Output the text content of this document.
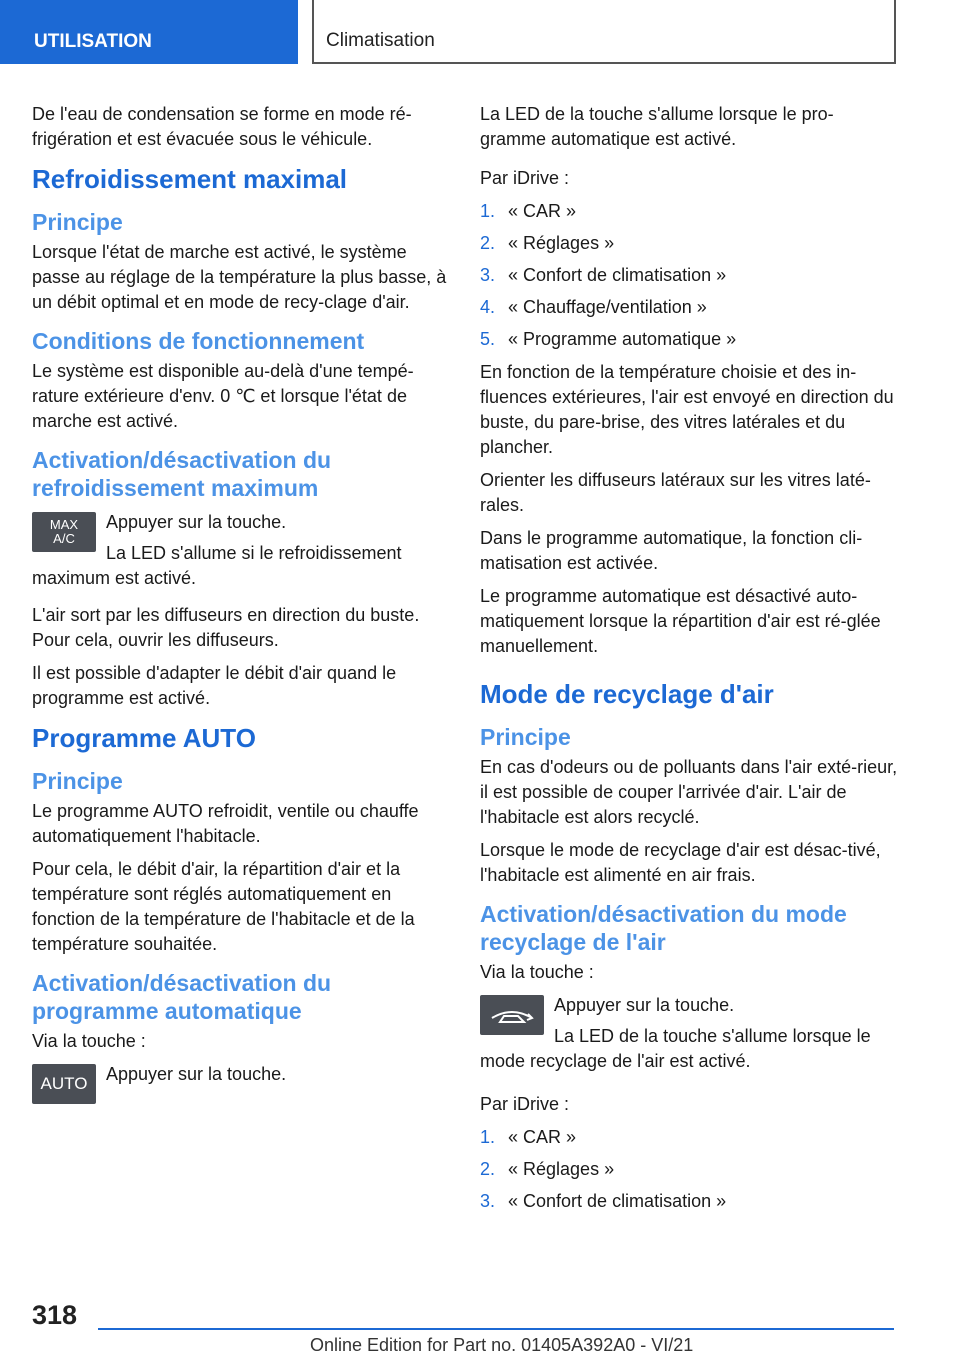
UTILISATION	Climatisation

De l'eau de condensation se forme en mode ré-frigération et est évacuée sous le véhicule.

Refroidissement maximal
Principe

Lorsque l'état de marche est activé, le système passe au réglage de la température la plus basse, à un débit optimal et en mode de recy-clage d'air.

Conditions de fonctionnement

Le système est disponible au-delà d'une tempé-rature extérieure d'env. 0 ℃ et lorsque l'état de marche est activé.

Activation/désactivation du refroidissement maximum
MAX
A/C

Appuyer sur la touche.

La LED s'allume si le refroidissement maximum est activé.

L'air sort par les diffuseurs en direction du buste. Pour cela, ouvrir les diffuseurs.

Il est possible d'adapter le débit d'air quand le programme est activé.

Programme AUTO
Principe

Le programme AUTO refroidit, ventile ou chauffe automatiquement l'habitacle.

Pour cela, le débit d'air, la répartition d'air et la température sont réglés automatiquement en fonction de la température de l'habitacle et de la température souhaitée.

Activation/désactivation du programme automatique

Via la touche :

AUTO	Appuyer sur la touche.

La LED de la touche s'allume lorsque le pro-gramme automatique est activé.

Par iDrive :

1. « CAR »
2. « Réglages »
3. « Confort de climatisation »
4. « Chauffage/ventilation »
5. « Programme automatique »

En fonction de la température choisie et des in-fluences extérieures, l'air est envoyé en direction du buste, du pare-brise, des vitres latérales et du plancher.

Orienter les diffuseurs latéraux sur les vitres laté-rales.

Dans le programme automatique, la fonction cli-matisation est activée.

Le programme automatique est désactivé auto-matiquement lorsque la répartition d'air est ré-glée manuellement.

Mode de recyclage d'air
Principe

En cas d'odeurs ou de polluants dans l'air exté-rieur, il est possible de couper l'arrivée d'air. L'air de l'habitacle est alors recyclé.

Lorsque le mode de recyclage d'air est désac-tivé, l'habitacle est alimenté en air frais.

Activation/désactivation du mode recyclage de l'air

Via la touche :

Appuyer sur la touche.

La LED de la touche s'allume lorsque le mode recyclage de l'air est activé.

Par iDrive :

1. « CAR »
2. « Réglages »
3. « Confort de climatisation »
318
Online Edition for Part no. 01405A392A0 - VI/21
